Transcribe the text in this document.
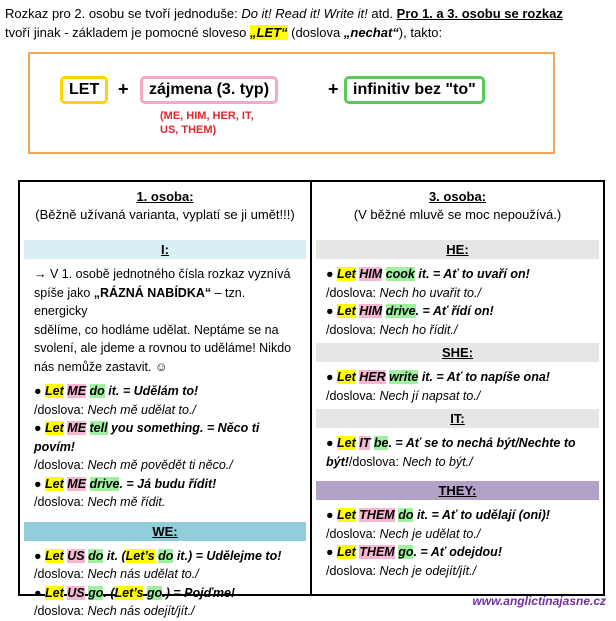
Rozkaz pro 2. osobu se tvoří jednoduše: Do it! Read it! Write it! atd. Pro 1. a 3. osobu se rozkaz
tvoří jinak - základem je pomocné sloveso „LET“ (doslova „nechat“), takto:
LET	+	zájmena (3. typ)	+ infinitiv bez "to"
(ME, HIM, HER, IT,
US, THEM)
1. osoba:
(Běžně užívaná varianta, vyplatí se ji umět!!!)
I:
→ V 1. osobě jednotného čísla rozkaz vyznívá
spíše jako „RÁZNÁ NABÍDKA“ – tzn. energicky
sdělíme, co hodláme udělat. Neptáme se na
svolení, ale jdeme a rovnou to uděláme! Nikdo
nás nemůže zastavit. ☺
● Let ME do it. = Udělám to!
/doslova: Nech mě udělat to./
● Let ME tell you something. = Něco ti povím!
/doslova: Nech mě povědět ti něco./
● Let ME drive. = Já budu řídit!
/doslova: Nech mě řídit.
WE:
● Let US do it. (Let’s do it.) = Udělejme to!
/doslova: Nech nás udělat to./
● Let US go. (Let’s go.) = Pojďme!
/doslova: Nech nás odejít/jít./
3. osoba:
(V běžné mluvě se moc nepoužívá.)
HE:
● Let HIM cook it. = Ať to uvaří on!
/doslova: Nech ho uvařit to./
● Let HIM drive. = Ať řídí on!
/doslova: Nech ho řídit./
SHE:
● Let HER write it. = Ať to napíše ona!
/doslova: Nech jí napsat to./
IT:
● Let IT be. = Ať se to nechá být/Nechte to
být!/doslova: Nech to být./
THEY:
● Let THEM do it. = Ať to udělají (oni)!
/doslova: Nech je udělat to./
● Let THEM go. = Ať odejdou!
/doslova: Nech je odejít/jít./
www.anglictinajasne.cz
